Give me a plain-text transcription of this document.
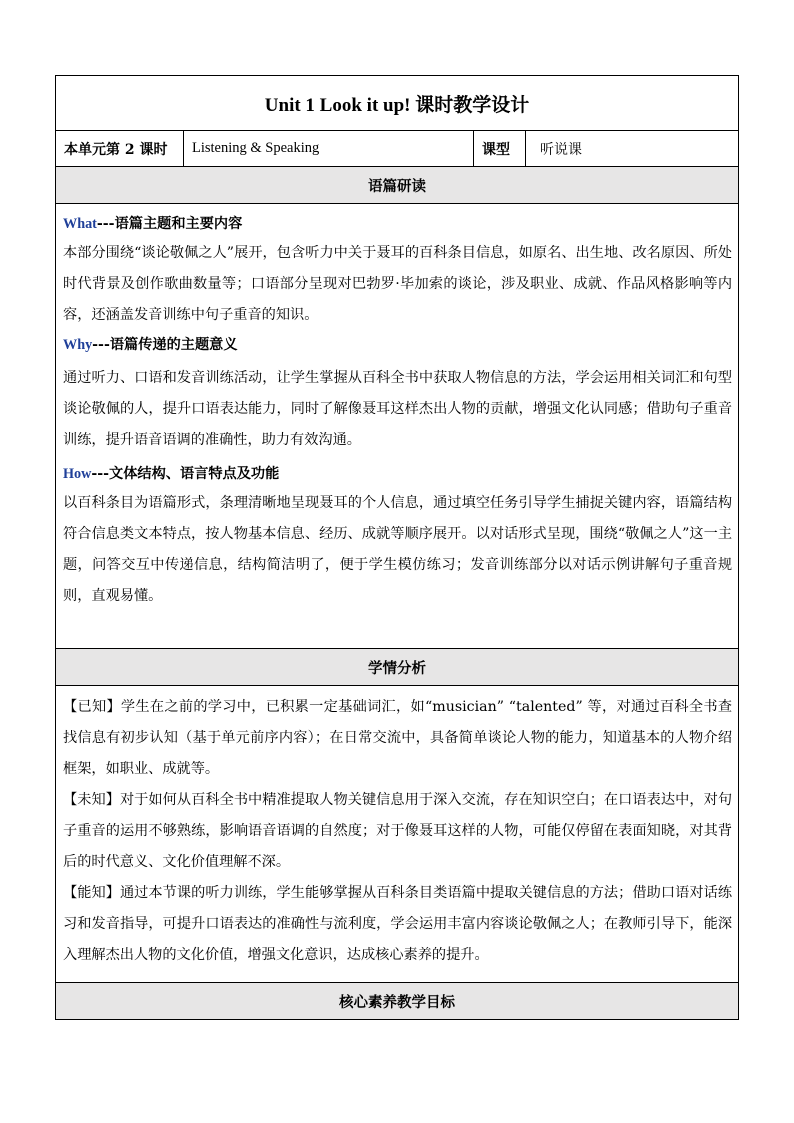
Unit 1 Look it up! 课时教学设计
本单元第 2 课时	Listening & Speaking	课型	听说课
语篇研读

What---语篇主题和主要内容

本部分围绕“谈论敬佩之人”展开，包含听力中关于聂耳的百科条目信息，如原名、出生地、改名原因、所处时代背景及创作歌曲数量等；口语部分呈现对巴勃罗·毕加索的谈论，涉及职业、成就、作品风格影响等内容，还涵盖发音训练中句子重音的知识。

Why---语篇传递的主题意义

通过听力、口语和发音训练活动，让学生掌握从百科全书中获取人物信息的方法，学会运用相关词汇和句型谈论敬佩的人，提升口语表达能力，同时了解像聂耳这样杰出人物的贡献，增强文化认同感；借助句子重音训练，提升语音语调的准确性，助力有效沟通。

How---文体结构、语言特点及功能

以百科条目为语篇形式，条理清晰地呈现聂耳的个人信息，通过填空任务引导学生捕捉关键内容，语篇结构符合信息类文本特点，按人物基本信息、经历、成就等顺序展开。以对话形式呈现，围绕“敬佩之人”这一主题，问答交互中传递信息，结构简洁明了，便于学生模仿练习；发音训练部分以对话示例讲解句子重音规则，直观易懂。

学情分析

【已知】学生在之前的学习中，已积累一定基础词汇，如“musician” “talented” 等，对通过百科全书查找信息有初步认知（基于单元前序内容）；在日常交流中，具备简单谈论人物的能力，知道基本的人物介绍框架，如职业、成就等。

【未知】对于如何从百科全书中精准提取人物关键信息用于深入交流，存在知识空白；在口语表达中，对句子重音的运用不够熟练，影响语音语调的自然度；对于像聂耳这样的人物，可能仅停留在表面知晓，对其背后的时代意义、文化价值理解不深。

【能知】通过本节课的听力训练，学生能够掌握从百科条目类语篇中提取关键信息的方法；借助口语对话练习和发音指导，可提升口语表达的准确性与流利度，学会运用丰富内容谈论敬佩之人；在教师引导下，能深入理解杰出人物的文化价值，增强文化意识，达成核心素养的提升。

核心素养教学目标
